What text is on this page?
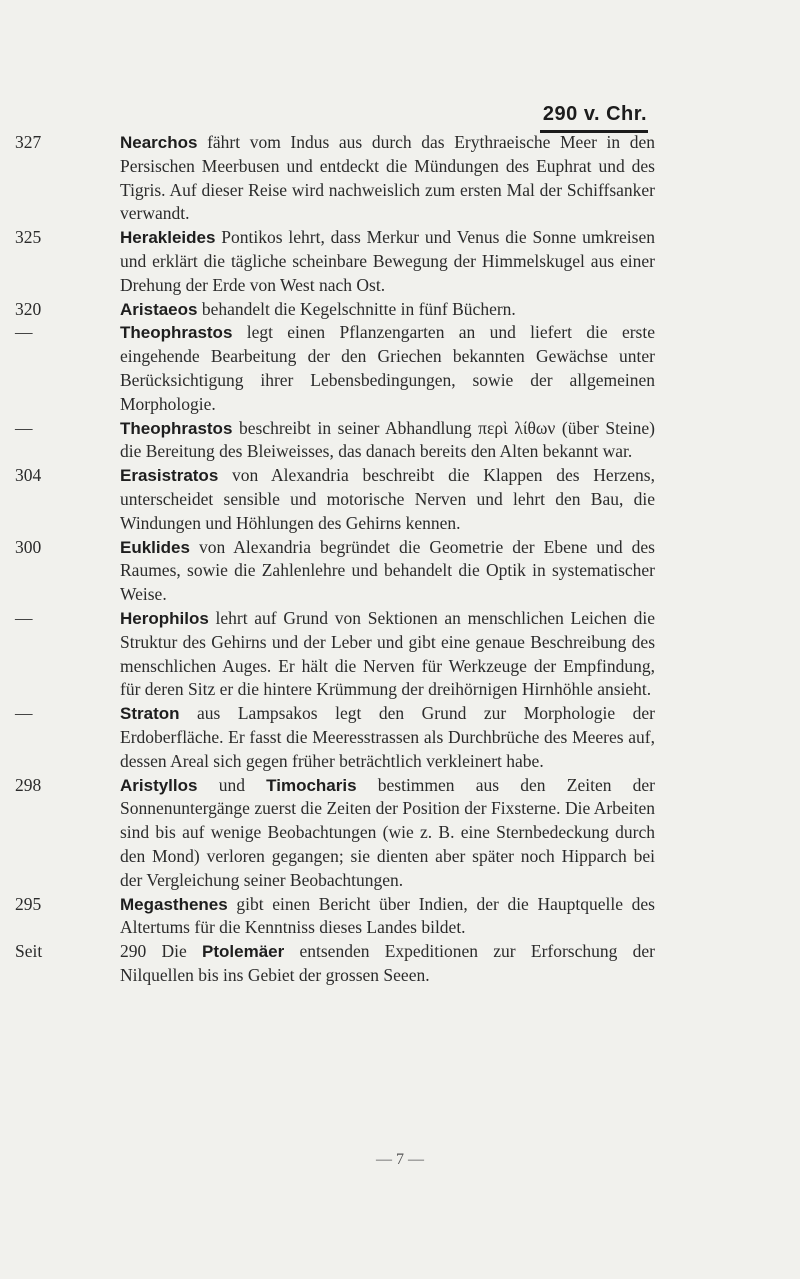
290 v. Chr.
327	Nearchos fährt vom Indus aus durch das Erythraeische Meer in den Persischen Meerbusen und entdeckt die Mündungen des Euphrat und des Tigris. Auf dieser Reise wird nachweislich zum ersten Mal der Schiffsanker verwandt.
325	Herakleides Pontikos lehrt, dass Merkur und Venus die Sonne umkreisen und erklärt die tägliche scheinbare Bewegung der Himmelskugel aus einer Drehung der Erde von West nach Ost.
320	Aristaeos behandelt die Kegelschnitte in fünf Büchern.
—	Theophrastos legt einen Pflanzengarten an und liefert die erste eingehende Bearbeitung der den Griechen bekannten Gewächse unter Berücksichtigung ihrer Lebensbedingungen, sowie der allgemeinen Morphologie.
—	Theophrastos beschreibt in seiner Abhandlung περὶ λίθων (über Steine) die Bereitung des Bleiweisses, das danach bereits den Alten bekannt war.
304	Erasistratos von Alexandria beschreibt die Klappen des Herzens, unterscheidet sensible und motorische Nerven und lehrt den Bau, die Windungen und Höhlungen des Gehirns kennen.
300	Euklides von Alexandria begründet die Geometrie der Ebene und des Raumes, sowie die Zahlenlehre und behandelt die Optik in systematischer Weise.
—	Herophilos lehrt auf Grund von Sektionen an menschlichen Leichen die Struktur des Gehirns und der Leber und gibt eine genaue Beschreibung des menschlichen Auges. Er hält die Nerven für Werkzeuge der Empfindung, für deren Sitz er die hintere Krümmung der dreihörnigen Hirnhöhle ansieht.
—	Straton aus Lampsakos legt den Grund zur Morphologie der Erdoberfläche. Er fasst die Meeresstrassen als Durchbrüche des Meeres auf, dessen Areal sich gegen früher beträchtlich verkleinert habe.
298	Aristyllos und Timocharis bestimmen aus den Zeiten der Sonnenuntergänge zuerst die Zeiten der Position der Fixsterne. Die Arbeiten sind bis auf wenige Beobachtungen (wie z. B. eine Sternbedeckung durch den Mond) verloren gegangen; sie dienten aber später noch Hipparch bei der Vergleichung seiner Beobachtungen.
295	Megasthenes gibt einen Bericht über Indien, der die Hauptquelle des Altertums für die Kenntniss dieses Landes bildet.
Seit	290 Die Ptolemäer entsenden Expeditionen zur Erforschung der Nilquellen bis ins Gebiet der grossen Seeen.
— 7 —
